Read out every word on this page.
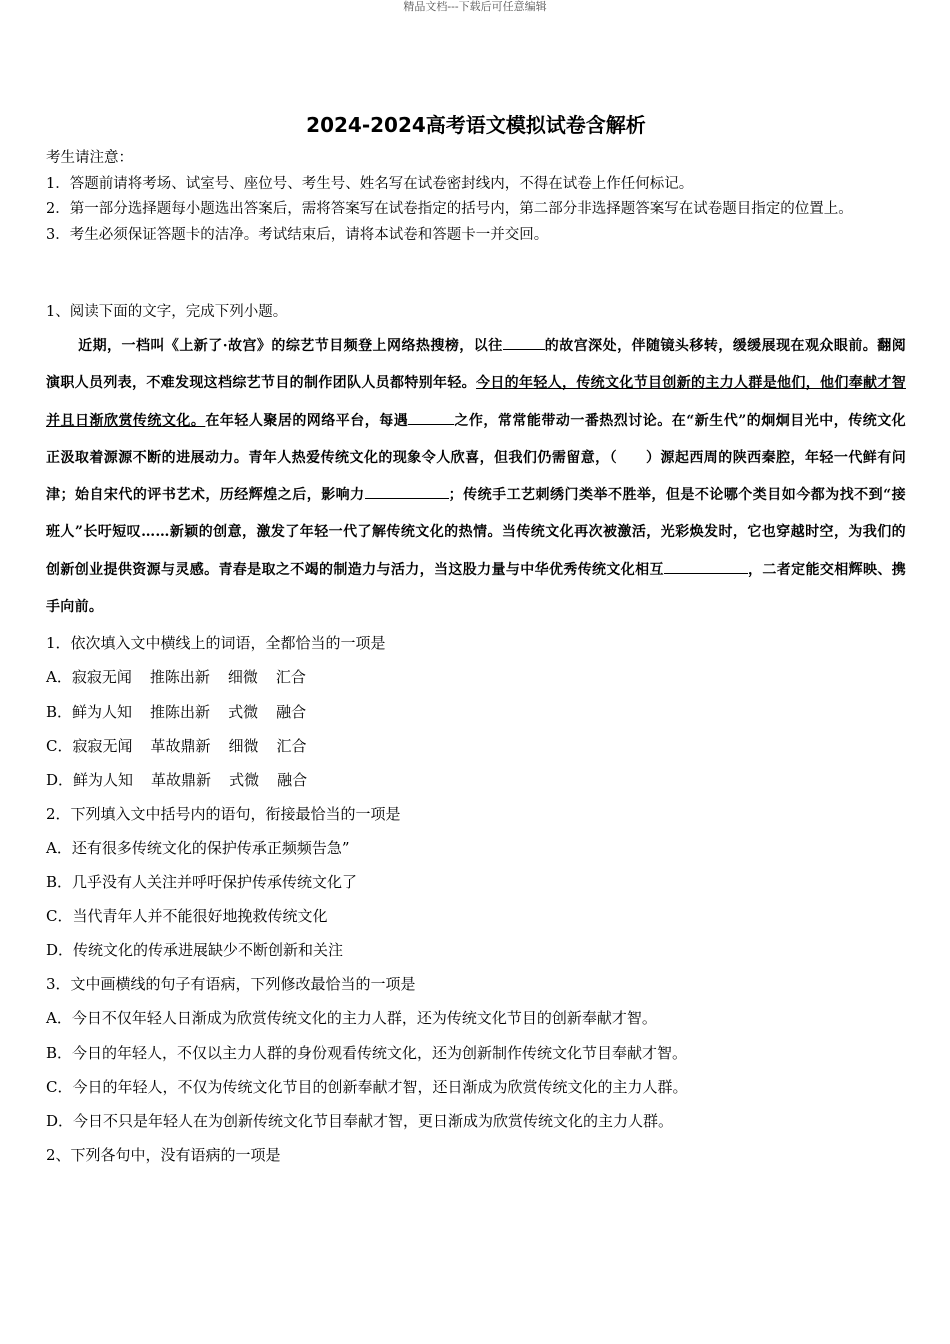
精品文档---下载后可任意编辑
2024-2024高考语文模拟试卷含解析

考生请注意：

1．答题前请将考场、试室号、座位号、考生号、姓名写在试卷密封线内，不得在试卷上作任何标记。

2．第一部分选择题每小题选出答案后，需将答案写在试卷指定的括号内，第二部分非选择题答案写在试卷题目指定的位置上。

3．考生必须保证答题卡的洁净。考试结束后，请将本试卷和答题卡一并交回。

1、阅读下面的文字，完成下列小题。

近期，一档叫《上新了·故宫》的综艺节目频登上网络热搜榜，以往	的故宫深处，伴随镜头移转，缓缓展现在观众眼前。翻阅演职人员列表，不难发现这档综艺节目的制作团队人员都特别年轻。今日的年轻人，传统文化节目创新的主力人群是他们，他们奉献才智并且日渐欣赏传统文化。在年轻人聚居的网络平台，每遇	之作，常常能带动一番热烈讨论。在“新生代”的炯炯目光中，传统文化正汲取着源源不断的进展动力。青年人热爱传统文化的现象令人欣喜，但我们仍需留意，（　　）源起西周的陕西秦腔，年轻一代鲜有问津；始自宋代的评书艺术，历经辉煌之后，影响力	；传统手工艺刺绣门类举不胜举，但是不论哪个类目如今都为找不到“接班人”长吁短叹……新颖的创意，激发了年轻一代了解传统文化的热情。当传统文化再次被激活，光彩焕发时，它也穿越时空，为我们的创新创业提供资源与灵感。青春是取之不竭的制造力与活力，当这股力量与中华优秀传统文化相互	，二者定能交相辉映、携手向前。

1．依次填入文中横线上的词语，全都恰当的一项是

A．寂寂无闻 推陈出新 细微 汇合

B．鲜为人知 推陈出新 式微 融合

C．寂寂无闻 革故鼎新 细微 汇合

D．鲜为人知 革故鼎新 式微 融合

2．下列填入文中括号内的语句，衔接最恰当的一项是

A．还有很多传统文化的保护传承正频频告急”

B．几乎没有人关注并呼吁保护传承传统文化了

C．当代青年人并不能很好地挽救传统文化

D．传统文化的传承进展缺少不断创新和关注

3．文中画横线的句子有语病，下列修改最恰当的一项是

A．今日不仅年轻人日渐成为欣赏传统文化的主力人群，还为传统文化节目的创新奉献才智。

B．今日的年轻人，不仅以主力人群的身份观看传统文化，还为创新制作传统文化节目奉献才智。

C．今日的年轻人，不仅为传统文化节目的创新奉献才智，还日渐成为欣赏传统文化的主力人群。

D．今日不只是年轻人在为创新传统文化节目奉献才智，更日渐成为欣赏传统文化的主力人群。

2、下列各句中，没有语病的一项是
